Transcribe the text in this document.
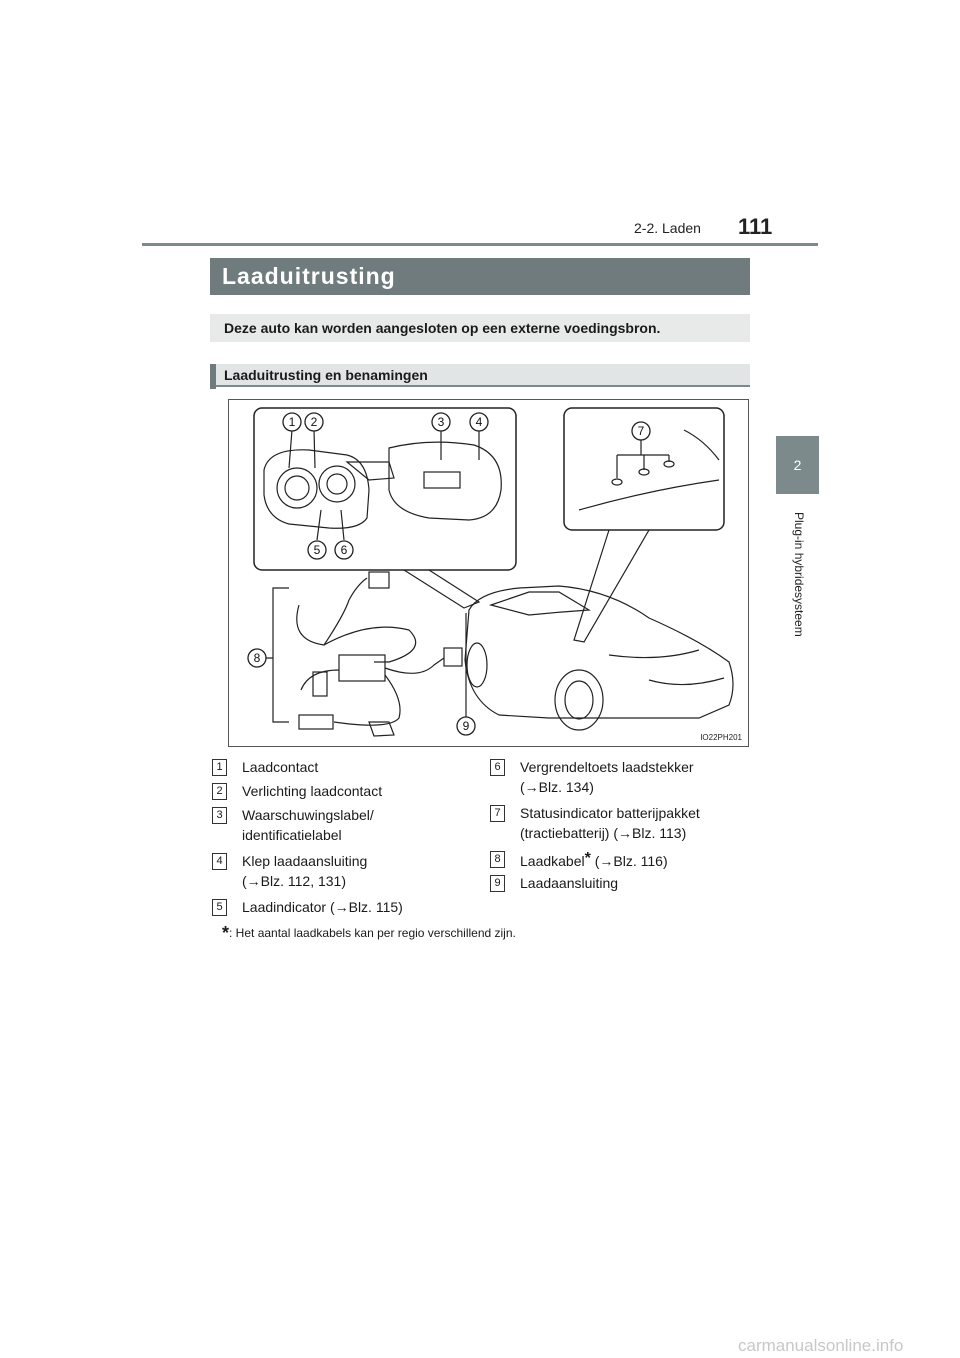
2-2. Laden 111
2
Plug-in hybridesysteem
Laaduitrusting
Deze auto kan worden aangesloten op een externe voedingsbron.
Laaduitrusting en benamingen
1 2	3	4
5 6
7
8
9
IO22PH201
1	Laadcontact
2	Verlichting laadcontact
3	Waarschuwingslabel/
identificatielabel
4	Klep laadaansluiting
(→Blz. 112, 131)
5	Laadindicator (→Blz. 115)
6	Vergrendeltoets laadstekker
(→Blz. 134)
7	Statusindicator batterijpakket
(tractiebatterij) (→Blz. 113)
8	Laadkabel* (→Blz. 116)
9	Laadaansluiting
*: Het aantal laadkabels kan per regio verschillend zijn.
carmanualsonline.info
